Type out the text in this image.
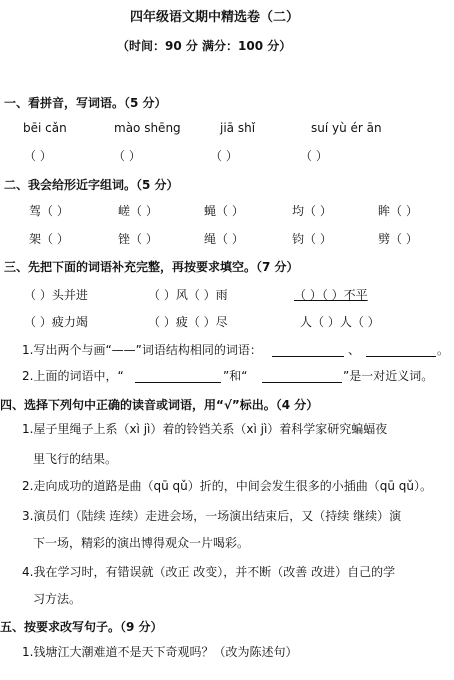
四年级语文期中精选卷（二）
（时间：90 分 满分：100 分）
一、看拼音，写词语。（5 分）
bēi cǎn	mào shēng	jiā shǐ	suí yù ér ān
（ ）	（ ）	（ ）	（ ）
二、我会给形近字组词。（5 分）
驾（ ）	嵯（ ）	蝇（ ）	均（ ）	眸（ ）
架（ ）	锉（ ）	绳（ ）	钧（ ）	劈（ ）
三、先把下面的词语补充完整，再按要求填空。（7 分）
（ ）头并进	（ ）风（ ）雨	（ ）（ ）不平
（ ）疲力竭	（ ）疲（ ）尽	人（ ）人（ ）
1.写出两个与画“——”词语结构相同的词语：	、	。
2.上面的词语中，“	”和“	”是一对近义词。
四、选择下列句中正确的读音或词语，用“√”标出。（4 分）
1.屋子里绳子上系（xì jì）着的铃铛关系（xì jì）着科学家研究蝙蝠夜
里飞行的结果。
2.走向成功的道路是曲（qū qǔ）折的，中间会发生很多的小插曲（qū qǔ）。
3.演员们（陆续 连续）走进会场，一场演出结束后，又（持续 继续）演
下一场，精彩的演出博得观众一片喝彩。
4.我在学习时，有错误就（改正 改变），并不断（改善 改进）自己的学
习方法。
五、按要求改写句子。（9 分）
1.钱塘江大潮难道不是天下奇观吗？（改为陈述句）
